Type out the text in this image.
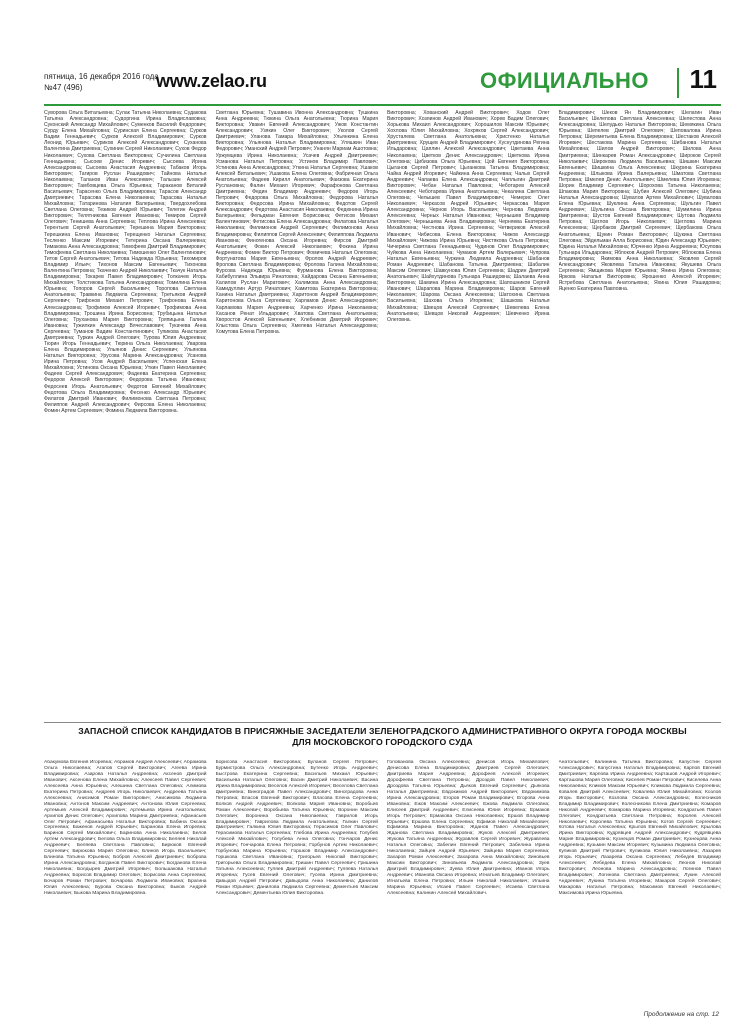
пятница, 16 декабря 2016 года
№47 (496)	www.zelao.ru	ОФИЦИАЛЬНО 11
Суворова Ольга Витальевна; Сулак Татьяна Николаевна; Судакова Татьяна Александровна; Судоргина Ирина Владиславовна; Суконский Александр Михайлович; Суменков Василий Федорович; Сурду Елена Михайловна; Суринская Елена Сергеевна; Сурков Вадим Геннадьевич; Сурков Алексей Владимирович; Сурков Леонид Юрьевич; Суриков Алексей Александрович; Суханова Валентина Дмитриевна; Сухинин Сергей Николаевич; Сухов Федор Николаевич; Сухова Светлана Викторовна; Сучилина Светлана Геннадьевна; Сысоев Денис Игоревич; Сысоева Ирина Александровна; Сысоева Анастасия Андреевна; Табаков Игорь Викторович; Тагиров Руслан Рашидович; Тайнова Наталья Николаевна; Таланов Иван Алексеевич; Талызин Алексей Викторович; Тамбовцева Ольга Юрьевна; Тараканов Виталий Васильевич; Тарасенко Ольга Владимировна; Тарасов Александр Дмитриевич; Тарасова Елена Николаевна; Тарасова Наталья Михайловна; Татаринова Наталия Валерьевна; Твердохлебова Светлана Олеговна; Тезиков Андрей Юрьевич; Телегин Андрей Викторович; Телятникова Евгения Ивановна; Темиров Сергей Олегович; Тенишева Анна Сергеевна; Теплова Ирина Алексеевна; Терентьев Сергей Анатольевич; Терешина Мария Викторовна; Терешкина Елена Ивановна; Терещенко Наталья Сергеевна; Тесленко Максим Игоревич; Тетерина Оксана Валериевна; Тимакова Анна Александровна; Тимофеев Дмитрий Владимирович; Тимофеева Светлана Николаевна; Тимошенко Олег Валентинович; Титов Сергей Анатольевич; Титова Надежда Юрьевна; Тихомиров Владимир Ильич; Тихонов Максим Евгеньевич; Тихонова Валентина Петровна; Ткаченко Андрей Николаевич; Ткачук Наталья Владимировна; Токарев Павел Владимирович; Толкачев Игорь Михайлович; Толстикова Татьяна Александровна; Томилина Елена Юрьевна; Топоров Сергей Васильевич; Торопова Светлана Анатольевна; Травкина Людмила Сергеевна; Третьяков Андрей Сергеевич; Трифонов Михаил Петрович; Трифонова Елена Александровна; Трофимов Алексей Игоревич; Трофимова Анна Владимировна; Трошина Ирина Борисовна; Трубицына Наталья Олеговна; Труханова Мария Викторовна; Тряпицына Галина Ивановна; Тужилкин Александр Вячеславович; Тукачева Анна Сергеевна; Туманов Вадим Константинович; Тупикова Анастасия Дмитриевна; Туркин Андрей Олегович; Турова Юлия Андреевна; Тюрин Игорь Геннадьевич; Тюрина Ольга Николаевна; Уварова Елена Владимировна; Ульянов Денис Сергеевич; Ульянова Наталья Викторовна; Урусова Марина Александровна; Усанова Ирина Петровна; Усов Андрей Васильевич; Успенская Елена Михайловна; Устинова Оксана Юрьевна; Уткин Павел Николаевич; Фадеев Сергей Александрович; Фадеева Екатерина Сергеевна; Федоров Алексей Викторович; Федорова Татьяна Ивановна; Федосеев Игорь Анатольевич; Федотов Евгений Михайлович; Федотова Ольга Владимировна; Фесенко Александр Юрьевич; Филатов Дмитрий Иванович; Филимонова Светлана Петровна; Филиппов Андрей Александрович; Фирсова Елена Николаевна; Фомин Артем Сергеевич; Фомина Людмила Викторовна.
Светлана Юрьевна; Тушавина Ивонна Александровна; Тушкина Анна Андреевна; Тюкина Ольга Анатольевна; Тюрина Мария Викторовна; Увакин Евгений Александрович; Ужов Константин Александрович; Узякин Олег Викторович; Уколов Сергей Дмитриевич; Уланова Тамара Михайловна; Ульянкина Елена Викторовна; Ульянова Наталья Владимировна; Уляшкин Иван Федорович; Уманский Андрей Петрович; Унанян Мариам Ашотовна; Уржумцева Ирина Николаевна; Усачев Андрей Дмитриевич; Усманова Наталья Петровна; Устинов Владимир Павлович; Устинова Анна Александровна; Уткина Наталья Сергеевна; Ушаков Алексей Витальевич; Ушакова Елена Олеговна; Фабричная Ольга Анатольевна; Фадеев Кирилл Анатольевич; Фаизова Екатерина Руслановна; Фалин Михаил Игоревич; Фарафонова Светлана Дмитриевна; Федин Владимир Андреевич; Федоров Игорь Петрович; Федорова Ольга Михайловна; Федорова Наталья Викторовна; Федосова Ирина Михайловна; Федотов Сергей Александрович; Федотова Анастасия Николаевна; Федюнина Ирина Валерьевна; Фельдман Евгения Борисовна; Фетисов Михаил Валентинович; Фетисова Елена Александровна; Филатова Наталья Николаевна; Филимонов Андрей Сергеевич; Филимонова Анна Владимировна; Филиппов Сергей Алексеевич; Филиппова Людмила Ивановна; Финогенова Оксана Игоревна; Фирсов Дмитрий Анатольевич; Фокин Алексей Николаевич; Фокина Ирина Андреевна; Фомин Виктор Петрович; Фомичева Наталья Олеговна; Фортунатова Мария Евгеньевна; Фролов Андрей Андреевич; Фролова Светлана Владимировна; Фролова Галина Михайловна; Фурсова Надежда Юрьевна; Фурманова Елена Викторовна; Хабибуллина Эльвира Ринатовна; Хайдарова Оксана Евгеньевна; Халилов Руслан Маратович; Халимова Анна Александровна; Хамидуллин Артур Ринатович; Хамитова Екатерина Викторовна; Ханина Наталья Дмитриевна; Харитонов Андрей Владимирович; Харитонова Ольга Сергеевна; Харламов Денис Александрович; Харламова Мария Андреевна; Харченко Ирина Николаевна; Хасанов Ренат Ильдарович; Хватова Светлана Анатольевна; Хворостов Алексей Евгеньевич; Хлебников Дмитрий Игоревич; Хлыстова Ольга Сергеевна; Хмелева Наталья Александровна; Хомутова Елена Петровна.
Викторовна; Хованский Андрей Викторович; Ходов Олег Викторович; Хозяинов Андрей Иванович; Хорев Вадим Олегович; Хорькова Михаил Александрович; Хорошилов Максим Юрьевич; Хохлова Юлия Михайловна; Хохряков Сергей Александрович; Хрусталева Светлана Анатольевна; Христенко Наталья Дмитриевна; Хрущев Андрей Владимирович; Хуснутдинова Регина Ильдаровна; Цаплин Алексей Александрович; Цветаева Анна Николаевна; Цветков Денис Александрович; Цветкова Ирина Олеговна; Цибизова Ольга Юрьевна; Цой Евгения Викторовна; Цыганов Сергей Петрович; Цыганкова Татьяна Владимировна; Чайка Андрей Игоревич; Чайкина Анна Сергеевна; Чалых Сергей Андреевич; Чапаева Елена Александровна; Чаплыгин Дмитрий Викторович; Чебан Наталья Павловна; Чеботарев Алексей Алексеевич; Чеботарева Ирина Анатольевна; Чекалина Светлана Олеговна; Челышев Павел Владимирович; Чемерис Олег Николаевич; Черкасов Андрей Юрьевич; Черкасова Мария Александровна; Чернов Игорь Васильевич; Чернова Людмила Алексеевна; Черных Наталья Ивановна; Чернышев Владимир Олегович; Чернышева Анна Владимировна; Черняева Екатерина Михайловна; Честнова Ирина Сергеевна; Четвериков Алексей Иванович; Чибисова Елена Викторовна; Чижов Александр Михайлович; Чижова Ирина Юрьевна; Чистякова Ольга Петровна; Чичерина Светлана Геннадьевна; Чудинов Олег Владимирович; Чуйкова Анна Николаевна; Чумаков Артем Валерьевич; Чупрова Наталья Евгеньевна; Чуркина Людмила Андреевна; Шабанов Роман Андреевич; Шабанова Татьяна Дмитриевна; Шабалин Максим Олегович; Шавкунова Юлия Сергеевна; Шадрин Дмитрий Анатольевич; Шайхутдинова Гульнара Рашидовна; Шалаева Анна Викторовна; Шамина Ирина Александровна; Шапошников Сергей Иванович; Шарапова Марина Владимировна; Шаров Евгений Николаевич; Шарова Оксана Алексеевна; Шатохина Светлана Васильевна; Шахова Ольга Игоревна; Шашкова Наталья Михайловна; Швецов Алексей Сергеевич; Шевелева Елена Анатольевна; Шевцов Николай Андреевич; Шевченко Ирина Олеговна.
Владимирович; Шеков Ян Владимирович; Шелагин Иван Васильевич; Шелепова Светлана Алексеевна; Шелестова Анна Александровна; Шелудько Наталья Викторовна; Шемякина Ольга Юрьевна; Шепелев Дмитрий Олегович; Шеповалова Ирина Петровна; Шереметьева Елена Владимировна; Шестаков Алексей Игоревич; Шестакова Марина Сергеевна; Шибанова Наталья Михайловна; Шилов Андрей Викторович; Шилова Анна Дмитриевна; Шинкарев Роман Александрович; Широков Сергей Николаевич; Широкова Людмила Васильевна; Шишкин Максим Евгеньевич; Шишкина Ольга Алексеевна; Шкурина Екатерина Андреевна; Шлыкова Ирина Валерьевна; Шматова Светлана Петровна; Шмелев Денис Анатольевич; Шмелева Юлия Игоревна; Шорин Владимир Сергеевич; Шорохова Татьяна Николаевна; Шпакова Мария Викторовна; Шубин Алексей Олегович; Шубина Наталья Александровна; Шувалов Артем Михайлович; Шувалова Елена Юрьевна; Шуклина Анна Сергеевна; Шульгин Павел Андреевич; Шульгина Оксана Викторовна; Шумилина Ирина Дмитриевна; Шустов Евгений Владимирович; Шутова Людмила Петровна; Щеглов Игорь Николаевич; Щеглова Марина Алексеевна; Щербаков Дмитрий Сергеевич; Щербакова Ольга Анатольевна; Щукин Роман Викторович; Щукина Светлана Олеговна; Эйдельман Алла Борисовна; Юдин Александр Юрьевич; Юдина Наталья Михайловна; Юрченко Ирина Андреевна; Юсупова Гульнара Ильдаровна; Яблоков Андрей Петрович; Яблокова Елена Владимировна; Якимова Анна Николаевна; Яковлев Сергей Александрович; Яковлева Татьяна Ивановна; Якушева Ольга Сергеевна; Ямщикова Мария Юрьевна; Янина Ирина Олеговна; Яркова Наталья Викторовна; Ярошенко Алексей Игоревич; Ястребова Светлана Анатольевна; Яхина Юлия Рашидовна; Яценко Екатерина Павловна.
ЗАПАСНОЙ СПИСОК КАНДИДАТОВ В ПРИСЯЖНЫЕ ЗАСЕДАТЕЛИ ЗЕЛЕНОГРАДСКОГО АДМИНИСТРАТИВНОГО ОКРУГА ГОРОДА МОСКВЫ
ДЛЯ МОСКОВСКОГО ГОРОДСКОГО СУДА
Абакумова Евгения Игоревна; Абрамов Андрей Алексеевич; Абрамова Ольга Николаевна; Агапов Сергей Викторович; Агеева Ирина Владимировна; Азарова Наталья Андреевна; Аксенов Дмитрий Иванович; Аксенова Елена Михайловна; Алексеев Павел Сергеевич; Алексеева Анна Юрьевна; Алешина Светлана Олеговна; Алимова Екатерина Петровна; Андреев Игорь Николаевич; Андреева Татьяна Алексеевна; Анисимов Роман Викторович; Анисимова Людмила Ивановна; Антонов Максим Андреевич; Антонова Юлия Сергеевна; Артемьев Алексей Владимирович; Артемьева Ирина Анатольевна; Архипов Денис Олегович; Архипова Марина Дмитриевна; Афанасьев Олег Петрович; Афанасьева Наталья Викторовна; Бабина Оксана Сергеевна; Баженов Андрей Юрьевич; Баранова Елена Игоревна; Баринов Сергей Михайлович; Баринова Анна Николаевна; Белов Артем Александрович; Белова Ольга Владимировна; Беляев Николай Андреевич; Беляева Светлана Павловна; Бирюков Евгений Сергеевич; Бирюкова Мария Олеговна; Блинов Игорь Васильевич; Блинова Татьяна Юрьевна; Бобров Алексей Дмитриевич; Боброва Ирина Александровна; Богданов Павел Викторович; Богданова Елена Николаевна; Болдырев Дмитрий Игоревич; Большакова Наталья Андреевна; Борисов Владимир Олегович; Борисова Анна Сергеевна; Бочаров Роман Петрович; Бочарова Людмила Ивановна; Брагина Юлия Алексеевна; Бурова Оксана Викторовна; Быков Андрей Николаевич; Быкова Марина Владимировна.
Борисова Анастасия Викторовна; Буланов Сергей Петрович; Бурмистрова Ольга Александровна; Бутенко Игорь Андреевич; Быстрова Екатерина Сергеевна; Васильев Михаил Юрьевич; Васильева Наталья Олеговна; Васин Дмитрий Николаевич; Васина Ирина Владимировна; Веселов Алексей Игоревич; Веселова Светлана Дмитриевна; Виноградов Павел Александрович; Виноградова Анна Петровна; Власов Евгений Викторович; Власова Елена Сергеевна; Волков Андрей Андреевич; Волкова Мария Ивановна; Воробьев Роман Алексеевич; Воробьева Татьяна Юрьевна; Воронин Максим Олегович; Воронина Оксана Николаевна; Гаврилов Игорь Владимирович; Гаврилова Людмила Анатольевна; Галкин Сергей Дмитриевич; Галкина Юлия Викторовна; Герасимов Олег Павлович; Герасимова Наталья Сергеевна; Глебова Ирина Андреевна; Голубев Алексей Михайлович; Голубева Анна Олеговна; Гончаров Денис Игоревич; Гончарова Елена Петровна; Горбунов Артем Николаевич; Горбунова Марина Юрьевна; Горшков Владимир Александрович; Горшкова Светлана Ивановна; Григорьев Николай Викторович; Григорьева Ольга Владимировна; Гришин Павел Сергеевич; Гришина Татьяна Алексеевна; Гуляев Дмитрий Андреевич; Гуляева Наталья Игоревна; Гусев Евгений Олегович; Гусева Ирина Дмитриевна; Давыдов Андрей Петрович; Давыдова Анна Николаевна; Данилов Роман Юрьевич; Данилова Людмила Сергеевна; Дементьев Максим Александрович; Дементьева Юлия Викторовна.
Голованова Оксана Алексеевна; Денисов Игорь Михайлович; Денисова Елена Владимировна; Дмитриев Сергей Олегович; Дмитриева Мария Андреевна; Дорофеев Алексей Игоревич; Дорофеева Светлана Петровна; Дроздов Павел Николаевич; Дроздова Татьяна Юрьевна; Дьяков Евгений Сергеевич; Дьякова Наталья Дмитриевна; Евдокимов Андрей Викторович; Евдокимова Ирина Александровна; Егоров Роман Владимирович; Егорова Анна Ивановна; Ежов Максим Алексеевич; Ежова Людмила Олеговна; Елисеев Дмитрий Андреевич; Елисеева Юлия Игоревна; Ермаков Игорь Петрович; Ермакова Оксана Николаевна; Ершов Владимир Юрьевич; Ершова Елена Сергеевна; Ефимов Николай Михайлович; Ефимова Марина Викторовна; Жданов Павел Александрович; Жданова Светлана Владимировна; Жуков Алексей Дмитриевич; Жукова Татьяна Андреевна; Журавлев Сергей Игоревич; Журавлева Наталья Олеговна; Забелин Евгений Петрович; Забелина Ирина Николаевна; Зайцев Андрей Юрьевич; Зайцева Мария Сергеевна; Захаров Роман Алексеевич; Захарова Анна Михайловна; Зиновьев Максим Викторович; Зиновьева Людмила Александровна; Зуев Дмитрий Владимирович; Зуева Юлия Дмитриевна; Иванов Игорь Андреевич; Иванова Оксана Игоревна; Игнатьев Владимир Олегович; Игнатьева Елена Петровна; Ильин Николай Николаевич; Ильина Марина Юрьевна; Исаев Павел Сергеевич; Исаева Светлана Алексеевна; Калинин Алексей Михайлович.
Анатольевич; Калинина Татьяна Викторовна; Капустин Сергей Александрович; Капустина Наталья Владимировна; Карпов Евгений Дмитриевич; Карпова Ирина Андреевна; Карташов Андрей Игоревич; Карташова Мария Олеговна; Киселев Роман Петрович; Киселева Анна Николаевна; Климов Максим Юрьевич; Климова Людмила Сергеевна; Ковалев Дмитрий Алексеевич; Ковалева Юлия Михайловна; Козлов Игорь Викторович; Козлова Оксана Александровна; Колесников Владимир Владимирович; Колесникова Елена Дмитриевна; Комаров Николай Андреевич; Комарова Марина Игоревна; Кондратьев Павел Олегович; Кондратьева Светлана Петровна; Королев Алексей Николаевич; Королева Татьяна Юрьевна; Котов Сергей Сергеевич; Котова Наталья Алексеевна; Крылов Евгений Михайлович; Крылова Ирина Викторовна; Кудрявцев Андрей Александрович; Кудрявцева Мария Владимировна; Кузнецов Роман Дмитриевич; Кузнецова Анна Андреевна; Кузьмин Максим Игоревич; Кузьмина Людмила Олеговна; Куликов Дмитрий Петрович; Куликова Юлия Николаевна; Лазарев Игорь Юрьевич; Лазарева Оксана Сергеевна; Лебедев Владимир Алексеевич; Лебедева Елена Михайловна; Леонов Николай Викторович; Леонова Марина Александровна; Логинов Павел Владимирович; Логинова Светлана Дмитриевна; Лукин Алексей Андреевич; Лукина Татьяна Игоревна; Макаров Сергей Олегович; Макарова Наталья Петровна; Максимов Евгений Николаевич; Максимова Ирина Юрьевна.
Продолжение на стр. 12
